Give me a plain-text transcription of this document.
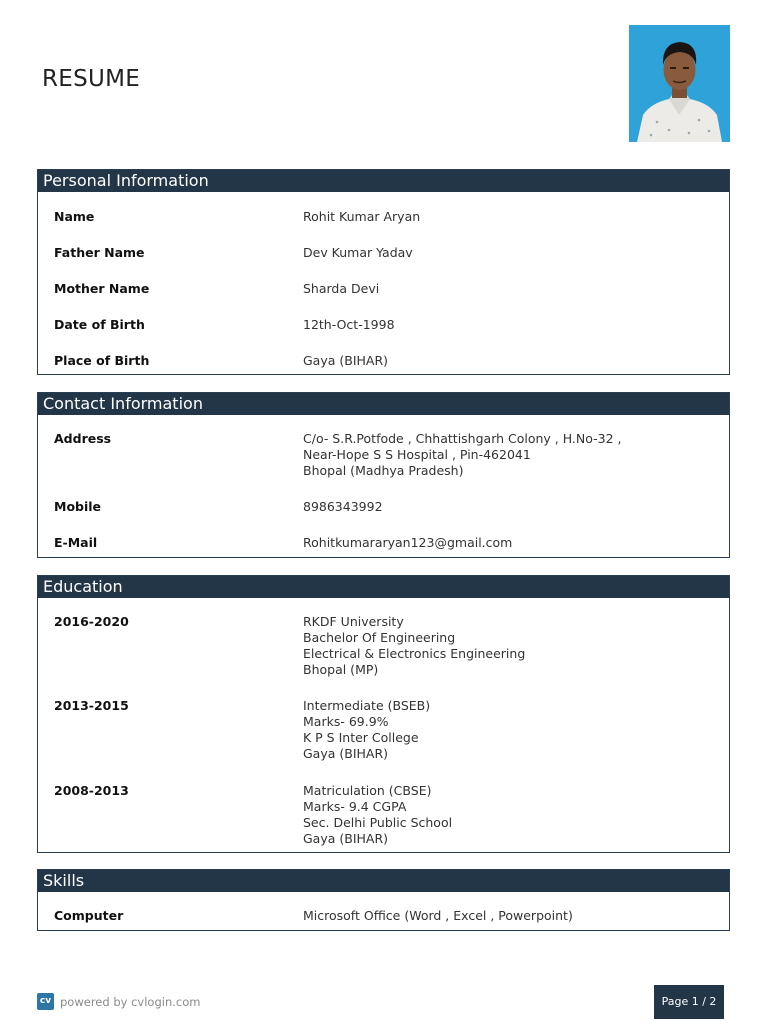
RESUME
Personal Information
Name	Rohit Kumar Aryan
Father Name	Dev Kumar Yadav
Mother Name	Sharda Devi
Date of Birth	12th-Oct-1998
Place of Birth	Gaya (BIHAR)
Contact Information
Address	C/o- S.R.Potfode , Chhattishgarh Colony , H.No-32 ,
Near-Hope S S Hospital , Pin-462041
Bhopal (Madhya Pradesh)
Mobile	8986343992
E-Mail	Rohitkumararyan123@gmail.com
Education
2016-2020	RKDF University
Bachelor Of Engineering
Electrical & Electronics Engineering
Bhopal (MP)
2013-2015	Intermediate (BSEB)
Marks- 69.9%
K P S Inter College
Gaya (BIHAR)
2008-2013	Matriculation (CBSE)
Marks- 9.4 CGPA
Sec. Delhi Public School
Gaya (BIHAR)
Skills
Computer	Microsoft Office (Word , Excel , Powerpoint)
cv powered by cvlogin.com	Page 1 / 2
